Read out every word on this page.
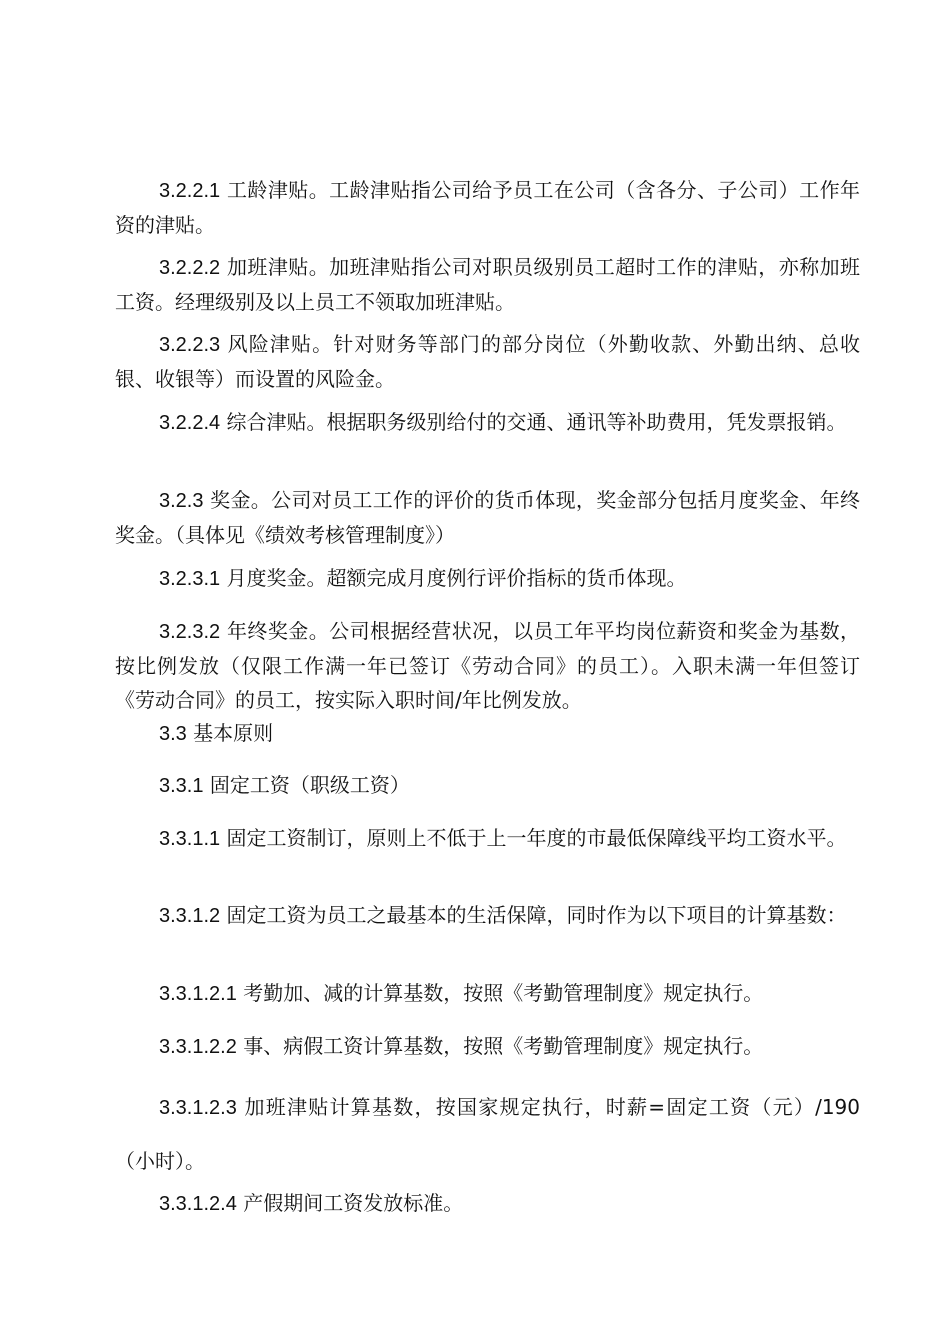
3.2.2.1 工龄津贴。工龄津贴指公司给予员工在公司（含各分、子公司）工作年资的津贴。

3.2.2.2 加班津贴。加班津贴指公司对职员级别员工超时工作的津贴，亦称加班工资。经理级别及以上员工不领取加班津贴。

3.2.2.3 风险津贴。针对财务等部门的部分岗位（外勤收款、外勤出纳、总收银、收银等）而设置的风险金。

3.2.2.4 综合津贴。根据职务级别给付的交通、通讯等补助费用，凭发票报销。

3.2.3 奖金。公司对员工工作的评价的货币体现，奖金部分包括月度奖金、年终奖金。（具体见《绩效考核管理制度》）

3.2.3.1 月度奖金。超额完成月度例行评价指标的货币体现。

3.2.3.2 年终奖金。公司根据经营状况，以员工年平均岗位薪资和奖金为基数，按比例发放（仅限工作满一年已签订《劳动合同》的员工）。入职未满一年但签订《劳动合同》的员工，按实际入职时间/年比例发放。

3.3 基本原则

3.3.1 固定工资（职级工资）

3.3.1.1 固定工资制订，原则上不低于上一年度的市最低保障线平均工资水平。

3.3.1.2 固定工资为员工之最基本的生活保障，同时作为以下项目的计算基数：

3.3.1.2.1 考勤加、减的计算基数，按照《考勤管理制度》规定执行。

3.3.1.2.2 事、病假工资计算基数，按照《考勤管理制度》规定执行。

3.3.1.2.3 加班津贴计算基数，按国家规定执行，时薪=固定工资（元）/190（小时）。

3.3.1.2.4 产假期间工资发放标准。
